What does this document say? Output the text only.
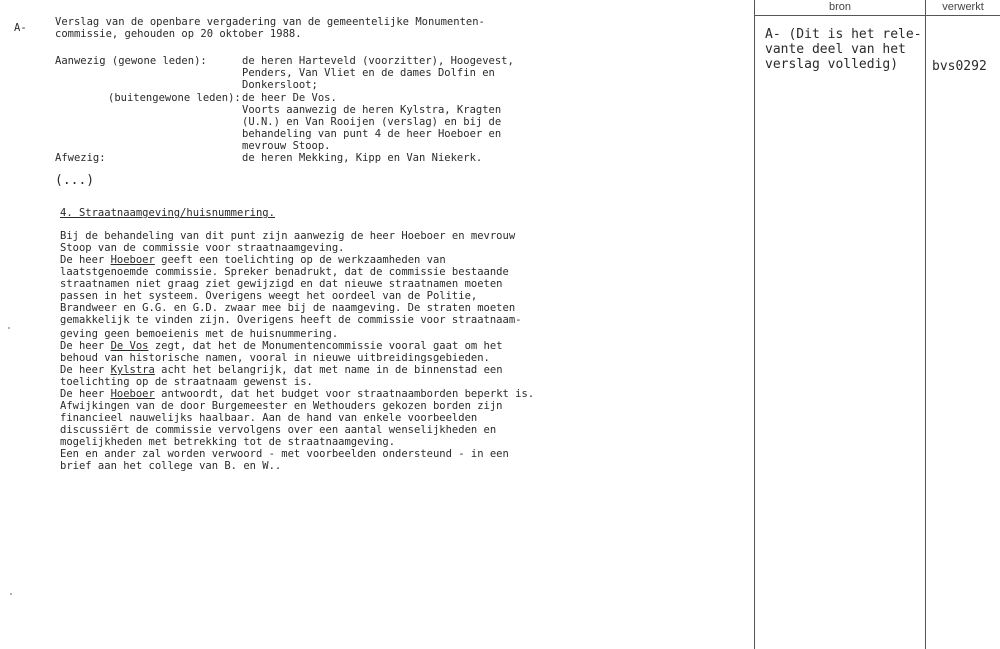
A-	Verslag van de openbare vergadering van de gemeentelijke Monumenten-
commissie, gehouden op 20 oktober 1988.
Aanwezig (gewone leden):	de heren Harteveld (voorzitter), Hoogevest,
Penders, Van Vliet en de dames Dolfin en
Donkersloot;
(buitengewone leden): de heer De Vos.
Voorts aanwezig de heren Kylstra, Kragten
(U.N.) en Van Rooijen (verslag) en bij de
behandeling van punt 4 de heer Hoeboer en
mevrouw Stoop.
Afwezig:	de heren Mekking, Kipp en Van Niekerk.
(...)
4. Straatnaamgeving/huisnummering.
Bij de behandeling van dit punt zijn aanwezig de heer Hoeboer en mevrouw
Stoop van de commissie voor straatnaamgeving.
De heer Hoeboer geeft een toelichting op de werkzaamheden van
laatstgenoemde commissie. Spreker benadrukt, dat de commissie bestaande
straatnamen niet graag ziet gewijzigd en dat nieuwe straatnamen moeten
passen in het systeem. Overigens weegt het oordeel van de Politie,
Brandweer en G.G. en G.D. zwaar mee bij de naamgeving. De straten moeten
gemakkelijk te vinden zijn. Overigens heeft de commissie voor straatnaam-
geving geen bemoeienis met de huisnummering.
De heer De Vos zegt, dat het de Monumentencommissie vooral gaat om het
behoud van historische namen, vooral in nieuwe uitbreidingsgebieden.
De heer Kylstra acht het belangrijk, dat met name in de binnenstad een
toelichting op de straatnaam gewenst is.
De heer Hoeboer antwoordt, dat het budget voor straatnaamborden beperkt is.
Afwijkingen van de door Burgemeester en Wethouders gekozen borden zijn
financieel nauwelijks haalbaar. Aan de hand van enkele voorbeelden
discussiërt de commissie vervolgens over een aantal wenselijkheden en
mogelijkheden met betrekking tot de straatnaamgeving.
Een en ander zal worden verwoord - met voorbeelden ondersteund - in een
brief aan het college van B. en W..
bron	verwerkt
A- (Dit is het rele-
vante deel van het
verslag volledig)	bvs0292
